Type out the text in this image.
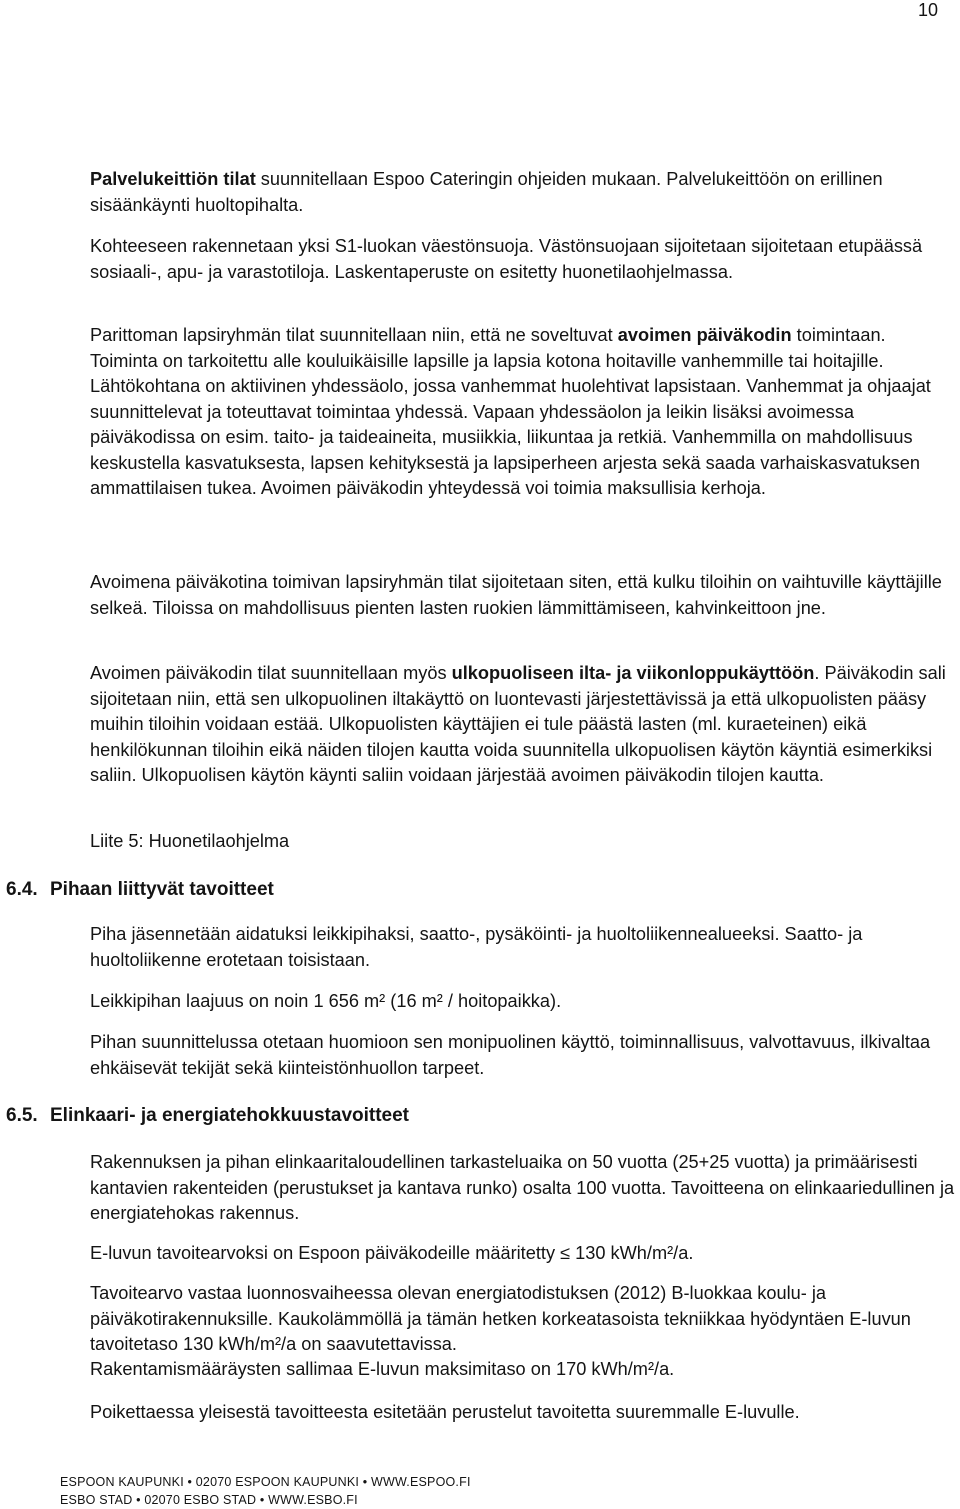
10

Palvelukeittiön tilat suunnitellaan Espoo Cateringin ohjeiden mukaan. Palvelukeittöön on erillinen sisäänkäynti huoltopihalta.

Kohteeseen rakennetaan yksi S1-luokan väestönsuoja. Västönsuojaan sijoitetaan sijoitetaan etupäässä sosiaali-, apu- ja varastotiloja. Laskentaperuste on esitetty huonetilaohjelmassa.

Parittoman lapsiryhmän tilat suunnitellaan niin, että ne soveltuvat avoimen päiväkodin toimintaan. Toiminta on tarkoitettu alle kouluikäisille lapsille ja lapsia kotona hoitaville vanhemmille tai hoitajille. Lähtökohtana on aktiivinen yhdessäolo, jossa vanhemmat huolehtivat lapsistaan. Vanhemmat ja ohjaajat suunnittelevat ja toteuttavat toimintaa yhdessä. Vapaan yhdessäolon ja leikin lisäksi avoimessa päiväkodissa on esim. taito- ja taideaineita, musiikkia, liikuntaa ja retkiä. Vanhemmilla on mahdollisuus keskustella kasvatuksesta, lapsen kehityksestä ja lapsiperheen arjesta sekä saada varhaiskasvatuksen ammattilaisen tukea. Avoimen päiväkodin yhteydessä voi toimia maksullisia kerhoja.

Avoimena päiväkotina toimivan lapsiryhmän tilat sijoitetaan siten, että kulku tiloihin on vaihtuville käyttäjille selkeä. Tiloissa on mahdollisuus pienten lasten ruokien lämmittämiseen, kahvinkeittoon jne.

Avoimen päiväkodin tilat suunnitellaan myös ulkopuoliseen ilta- ja viikonloppukäyttöön. Päiväkodin sali sijoitetaan niin, että sen ulkopuolinen iltakäyttö on luontevasti järjestettävissä ja että ulkopuolisten pääsy muihin tiloihin voidaan estää. Ulkopuolisten käyttäjien ei tule päästä lasten (ml. kuraeteinen) eikä henkilökunnan tiloihin eikä näiden tilojen kautta voida suunnitella ulkopuolisen käytön käyntiä esimerkiksi saliin. Ulkopuolisen käytön käynti saliin voidaan järjestää avoimen päiväkodin tilojen kautta.

Liite 5: Huonetilaohjelma

6.4. Pihaan liittyvät tavoitteet

Piha jäsennetään aidatuksi leikkipihaksi, saatto-, pysäköinti- ja huoltoliikennealueeksi. Saatto- ja huoltoliikenne erotetaan toisistaan.

Leikkipihan laajuus on noin 1 656 m² (16 m² / hoitopaikka).

Pihan suunnittelussa otetaan huomioon sen monipuolinen käyttö, toiminnallisuus, valvottavuus, ilkivaltaa ehkäisevät tekijät sekä kiinteistönhuollon tarpeet.

6.5. Elinkaari- ja energiatehokkuustavoitteet

Rakennuksen ja pihan elinkaaritaloudellinen tarkasteluaika on 50 vuotta (25+25 vuotta) ja primäärisesti kantavien rakenteiden (perustukset ja kantava runko) osalta 100 vuotta. Tavoitteena on elinkaariedullinen ja energiatehokas rakennus.

E-luvun tavoitearvoksi on Espoon päiväkodeille määritetty ≤ 130 kWh/m²/a.

Tavoitearvo vastaa luonnosvaiheessa olevan energiatodistuksen (2012) B-luokkaa koulu- ja päiväkotirakennuksille. Kaukolämmöllä ja tämän hetken korkeatasoista tekniikkaa hyödyntäen E-luvun tavoitetaso 130 kWh/m²/a on saavutettavissa.

Rakentamismääräysten sallimaa E-luvun maksimitaso on 170 kWh/m²/a.

Poikettaessa yleisestä tavoitteesta esitetään perustelut tavoitetta suuremmalle E-luvulle.

ESPOON KAUPUNKI • 02070 ESPOON KAUPUNKI • WWW.ESPOO.FI
ESBO STAD • 02070 ESBO STAD • WWW.ESBO.FI
